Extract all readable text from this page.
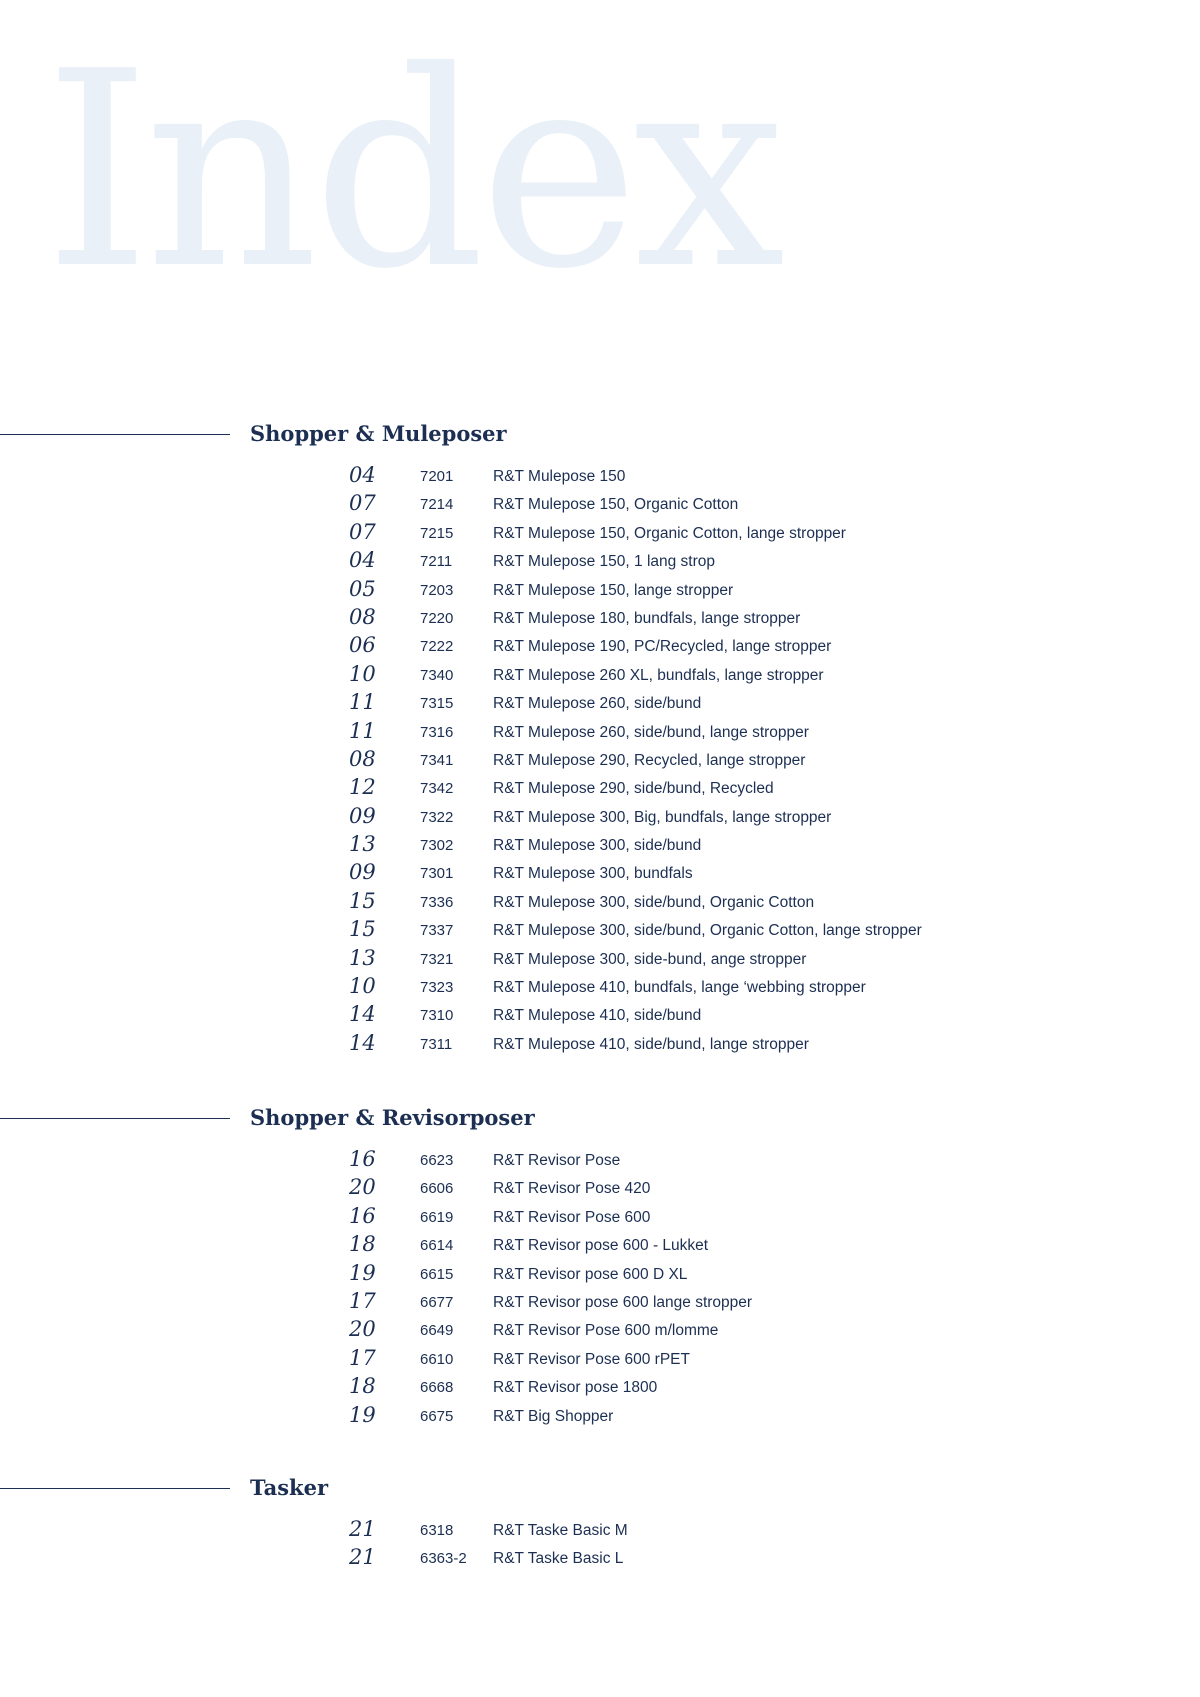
Index
Shopper & Muleposer
04	7201	R&T Mulepose 150
07	7214	R&T Mulepose 150, Organic Cotton
07	7215	R&T Mulepose 150, Organic Cotton, lange stropper
04	7211	R&T Mulepose 150, 1 lang strop
05	7203	R&T Mulepose 150, lange stropper
08	7220	R&T Mulepose 180, bundfals, lange stropper
06	7222	R&T Mulepose 190, PC/Recycled, lange stropper
10	7340	R&T Mulepose 260 XL, bundfals, lange stropper
11	7315	R&T Mulepose 260, side/bund
11	7316	R&T Mulepose 260, side/bund, lange stropper
08	7341	R&T Mulepose 290, Recycled, lange stropper
12	7342	R&T Mulepose 290, side/bund, Recycled
09	7322	R&T Mulepose 300, Big, bundfals, lange stropper
13	7302	R&T Mulepose 300, side/bund
09	7301	R&T Mulepose 300, bundfals
15	7336	R&T Mulepose 300, side/bund, Organic Cotton
15	7337	R&T Mulepose 300, side/bund, Organic Cotton, lange stropper
13	7321	R&T Mulepose 300, side-bund, ange stropper
10	7323	R&T Mulepose 410, bundfals, lange ‘webbing stropper
14	7310	R&T Mulepose 410, side/bund
14	7311	R&T Mulepose 410, side/bund, lange stropper
Shopper & Revisorposer
16	6623	R&T Revisor Pose
20	6606	R&T Revisor Pose 420
16	6619	R&T Revisor Pose 600
18	6614	R&T Revisor pose 600 - Lukket
19	6615	R&T Revisor pose 600 D XL
17	6677	R&T Revisor pose 600 lange stropper
20	6649	R&T Revisor Pose 600 m/lomme
17	6610	R&T Revisor Pose 600 rPET
18	6668	R&T Revisor pose 1800
19	6675	R&T Big Shopper
Tasker
21	6318	R&T Taske Basic M
21	6363-2 R&T Taske Basic L
